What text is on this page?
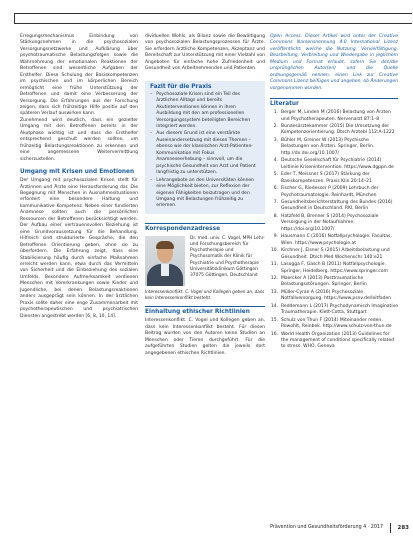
Erregungsmechanismus Einbindung von Stärkungsnehmen in die psychosozialen Versorgungsnetzwerke und Aufklärung über psychotraumatische Belastungsfolgen sowie die Wahrnehmung der emotionalen Reaktionen der Betroffenen sind wesentliche Aufgaben der Ersthelfer. Diese Schulung der Basiskompetenzen im psychischen und im körperlichen Bereich ermöglicht eine frühe Unterstützung der Betroffenen und damit eine Verbesserung der Versorgung. Die Erfahrungen aus der Forschung zeigen, dass sich frühzeitige Hilfe positiv auf den späteren Verlauf auswirken kann.

Zunehmend wird deutlich, dass ein gezielter Umgang mit den Betroffenen bereits in der Akutphase wichtig ist und dass die Ersthelfer entsprechend geschult werden sollten, um frühzeitig Belastungsreaktionen zu erkennen und eine angemessene Weitervermittlung sicherzustellen.

Umgang mit Krisen und Emotionen

Der Umgang mit psychosozialen Krisen stellt für Ärztinnen und Ärzte eine Herausforderung dar. Die Begegnung mit Menschen in Ausnahmesituationen erfordert eine besondere Haltung und kommunikative Kompetenz. Neben einer fundierten Anamnese sollten auch die persönlichen Ressourcen der Betroffenen berücksichtigt werden. Der Aufbau einer vertrauensvollen Beziehung ist eine Grundvoraussetzung für die Behandlung. Hilfreich sind strukturierte Gespräche, die den Betroffenen Orientierung geben, ohne sie zu überfordern. Die Erfahrung zeigt, dass eine Stabilisierung häufig durch einfache Maßnahmen erreicht werden kann, etwa durch das Vermitteln von Sicherheit und die Einbeziehung des sozialen Umfelds. Besondere Aufmerksamkeit verdienen Menschen mit Vorerkrankungen sowie Kinder und Jugendliche, bei denen Belastungsreaktionen anders ausgeprägt sein können. In der ärztlichen Praxis sollte daher eine enge Zusammenarbeit mit psychotherapeutischen und psychiatrischen Diensten angestrebt werden [6, 8, 10, 14].

dividuellen Wohls, als Bilanz sowie die Bewältigung von psychosozialen Belastungsprozessen für Ärzte. Sie erfordern ärztliche Kompetenzen, Akzeptanz und Bereitschaft zur Unterstützung mit einer Vielzahl von Angeboten für einfache hohe Zufriedenheit und Gesundheit von Arbeitnehmenden und Patienten.

Fazit für die Praxis
– Psychosoziale Krisen sind ein Teil des ärztlichen Alltags und bereits Akutinterventionen können in ihren Ausbildung mit den am professionellen Versorgungssystem beteiligten Bereichen integriert werden.
– Aus diesem Grund ist eine verstärkte Auseinandersetzung mit diesen Themen – ebenso wie der klassischen Arzt-Patienten-Kommunikation mit Fokus Anamneseerhebung – sinnvoll, um die psychische Gesundheit von Arzt und Patient langfristig zu unterstützen.
– Lehrangebote an den Universitäten können eine Möglichkeit bieten, zur Reflexion der eigenen Fähigkeiten beizutragen und den Umgang mit Belastungen frühzeitig zu erlernen.
Korrespondenzadresse
Dr. med. univ. C. Vogel, MPH Lehr- und Forschungsbereich für Psychotherapie und Psychosomatik der Klinik für Psychiatrie und Psychotherapie Universitätsklinikum Göttingen 37075 Göttingen, Deutschland
Interessenkonflikt. C. Vogel und Kollegen geben an, dass kein Interessenkonflikt besteht.
Einhaltung ethischer Richtlinien

Interessenkonflikt. C. Vogel und Kollegen geben an, dass kein Interessenkonflikt besteht. Für diesen Beitrag wurden von den Autoren keine Studien an Menschen oder Tieren durchgeführt. Für die aufgeführten Studien gelten die jeweils dort angegebenen ethischen Richtlinien.

Open Access. Dieser Artikel wird unter der Creative Commons Namensnennung 4.0 International Lizenz veröffentlicht, welche die Nutzung, Vervielfältigung, Bearbeitung, Verbreitung und Wiedergabe in jeglichem Medium und Format erlaubt, sofern Sie den/die ursprünglichen Autor(en) und die Quelle ordnungsgemäß nennen, einen Link zur Creative Commons Lizenz beifügen und angeben, ob Änderungen vorgenommen wurden.

Literatur
1. Berger M, Linden M (2016) Belastung von Ärzten und Psychotherapeuten. Nervenarzt 87:1–8
2. Bundesärztekammer (2015) Die Umsetzung der Kompetenzorientierung. Dtsch Arztebl 112:A-1222
3. Bühler M, Greiner W (2013) Psychische Belastungen von Ärzten. Springer, Berlin. http://dx.doi.org/10.1007/
4. Deutsche Gesellschaft für Psychiatrie (2014) Leitlinie Krisenintervention. https://www.dgppn.de
5. Eder T, Meissner S (2017) Stärkung der Basiskompetenzen. Praxis Klin 20:14–21
6. Fischer G, Riedesser P (2009) Lehrbuch der Psychotraumatologie. Reinhardt, München
7. Gesundheitsberichterstattung des Bundes (2016) Gesundheit in Deutschland. RKI, Berlin
8. Hatzfeld B, Brenner S (2014) Psychosoziale Versorgung in der Notaufnahme. https://doi.org/10.1007/
9. Hausmann C (2016) Notfallpsychologie. Facultas, Wien. https://www.psychologie.at
10. Kirchner J, Elsner S (2015) Arbeitsbelastung und Gesundheit. Dtsch Med Wochenschr 140:e21
11. Lasogga F, Gasch B (2011) Notfallpsychologie. Springer, Heidelberg. https://www.springer.com
12. Maercker A (2013) Posttraumatische Belastungsstörungen. Springer, Berlin
13. Müller-Cyran A (2016) Psychosoziale Notfallversorgung. https://www.psnv.de/leitfaden
14. Reddemann L (2017) Psychodynamisch Imaginative Traumatherapie. Klett-Cotta, Stuttgart
15. Schulz von Thun F (2014) Miteinander reden. Rowohlt, Reinbek. http://www.schulz-von-thun.de
16. World Health Organization (2013) Guidelines for the management of conditions specifically related to stress. WHO, Geneva
Prävention und Gesundheitsförderung 4 · 2017	283
